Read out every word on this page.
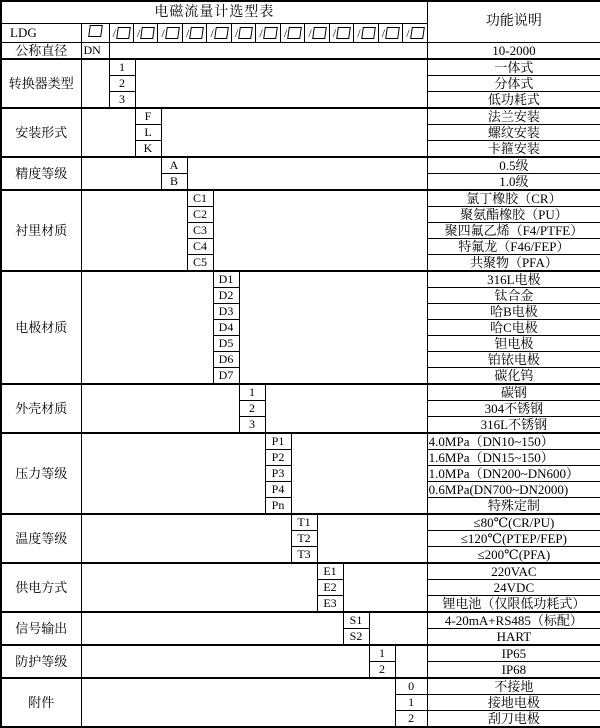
电磁流量计选型表														功能说明
LDG		/ / / / / / / / / / / / /

公称直径	DN													10-2000
转换器类型		1												一体式
		2												分体式
		3												低功耗式
安装形式			F											法兰安装
			L											螺纹安装
			K											卡箍安装
精度等级				A										0.5级
				B										1.0级
衬里材质					C1									氯丁橡胶（CR）
					C2									聚氨酯橡胶（PU）
					C3									聚四氟乙烯（F4/PTFE）
					C4									特氟龙（F46/FEP）
					C5									共聚物（PFA）
电极材质						D1								316L电极
						D2								钛合金
						D3								哈B电极
						D4								哈C电极
						D5								钽电极
						D6								铂铱电极
						D7								碳化钨
外壳材质							1							碳钢
							2							304不锈钢
							3							316L不锈钢
压力等级								P1						4.0MPa（DN10~150）
								P2						1.6MPa（DN15~150）
								P3						1.0MPa（DN200~DN600）
								P4						0.6MPa(DN700~DN2000)
								Pn						特殊定制
温度等级									T1					≤80℃(CR/PU)
									T2					≤120℃(PTEP/FEP)
									T3					≤200℃(PFA)
供电方式										E1				220VAC
										E2				24VDC
										E3				锂电池（仅限低功耗式）
信号输出											S1			4-20mA+RS485（标配）
											S2			HART
防护等级												1		IP65
												2		IP68
附件													0	不接地
													1	接地电极
													2	刮刀电极
